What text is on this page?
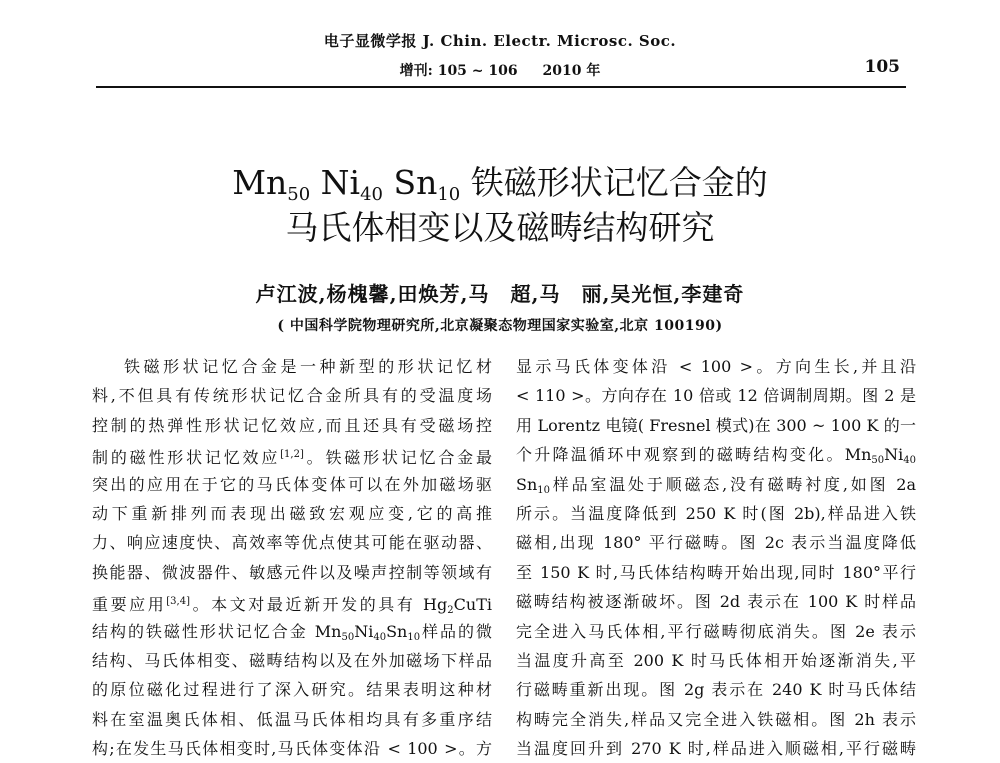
电子显微学报 J. Chin. Electr. Microsc. Soc.
增刊: 105 ~ 106 2010 年	105
$Mn_{50}$ $Ni_{40}$ $Sn_{10}$ 铁磁形状记忆合金的
马氏体相变以及磁畴结构研究
卢江波,杨槐馨,田焕芳,马　超,马　丽,吴光恒,李建奇
( 中国科学院物理研究所,北京凝聚态物理国家实验室,北京 100190)
铁磁形状记忆合金是一种新型的形状记忆材
料,不但具有传统形状记忆合金所具有的受温度场
控制的热弹性形状记忆效应,而且还具有受磁场控
制的磁性形状记忆效应[1,2]。铁磁形状记忆合金最
突出的应用在于它的马氏体变体可以在外加磁场驱
动下重新排列而表现出磁致宏观应变,它的高推
力、响应速度快、高效率等优点使其可能在驱动器、
换能器、微波器件、敏感元件以及噪声控制等领域有
重要应用[3,4]。本文对最近新开发的具有 $Hg_2CuTi$
结构的铁磁性形状记忆合金 $Mn_{50}Ni_{40}Sn_{10}$样品的微
结构、马氏体相变、磁畴结构以及在外加磁场下样品
的原位磁化过程进行了深入研究。结果表明这种材
料在室温奥氏体相、低温马氏体相均具有多重序结
构;在发生马氏体相变时,马氏体变体沿 < 100 >。方
显示马氏体变体沿 < 100 >。方向生长,并且沿
< 110 >。方向存在 10 倍或 12 倍调制周期。图 2 是
用 Lorentz 电镜( Fresnel 模式)在 300 ~ 100 K 的一
个升降温循环中观察到的磁畴结构变化。$Mn_{50}Ni_{40}$
$Sn_{10}$样品室温处于顺磁态,没有磁畴衬度,如图 2a
所示。当温度降低到 250 K 时(图 2b),样品进入铁
磁相,出现 180° 平行磁畴。图 2c 表示当温度降低
至 150 K 时,马氏体结构畴开始出现,同时 180°平行
磁畴结构被逐渐破坏。图 2d 表示在 100 K 时样品
完全进入马氏体相,平行磁畴彻底消失。图 2e 表示
当温度升高至 200 K 时马氏体相开始逐渐消失,平
行磁畴重新出现。图 2g 表示在 240 K 时马氏体结
构畴完全消失,样品又完全进入铁磁相。图 2h 表示
当温度回升到 270 K 时,样品进入顺磁相,平行磁畴
